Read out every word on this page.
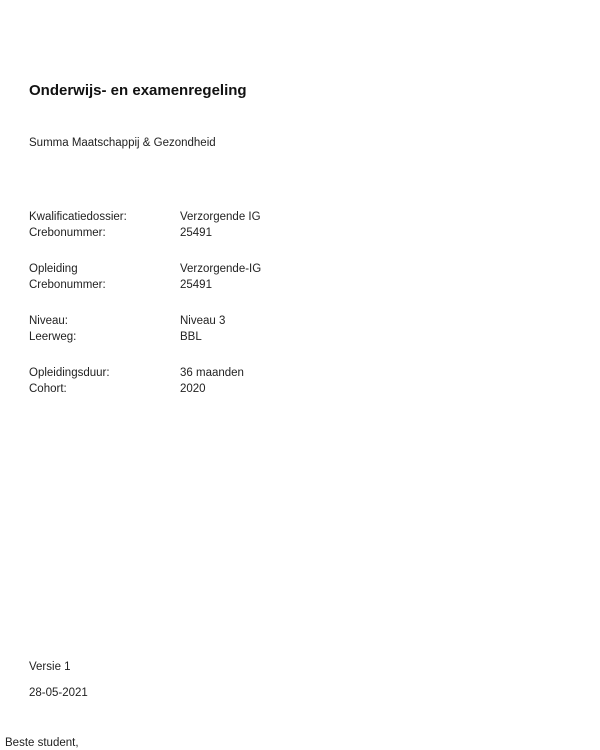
Onderwijs- en examenregeling
Summa Maatschappij & Gezondheid
Kwalificatiedossier:	Verzorgende IG
Crebonummer:	25491
Opleiding	Verzorgende-IG
Crebonummer:	25491
Niveau:	Niveau 3
Leerweg:	BBL
Opleidingsduur:	36 maanden
Cohort:	2020
Versie 1
28-05-2021
Beste student,
